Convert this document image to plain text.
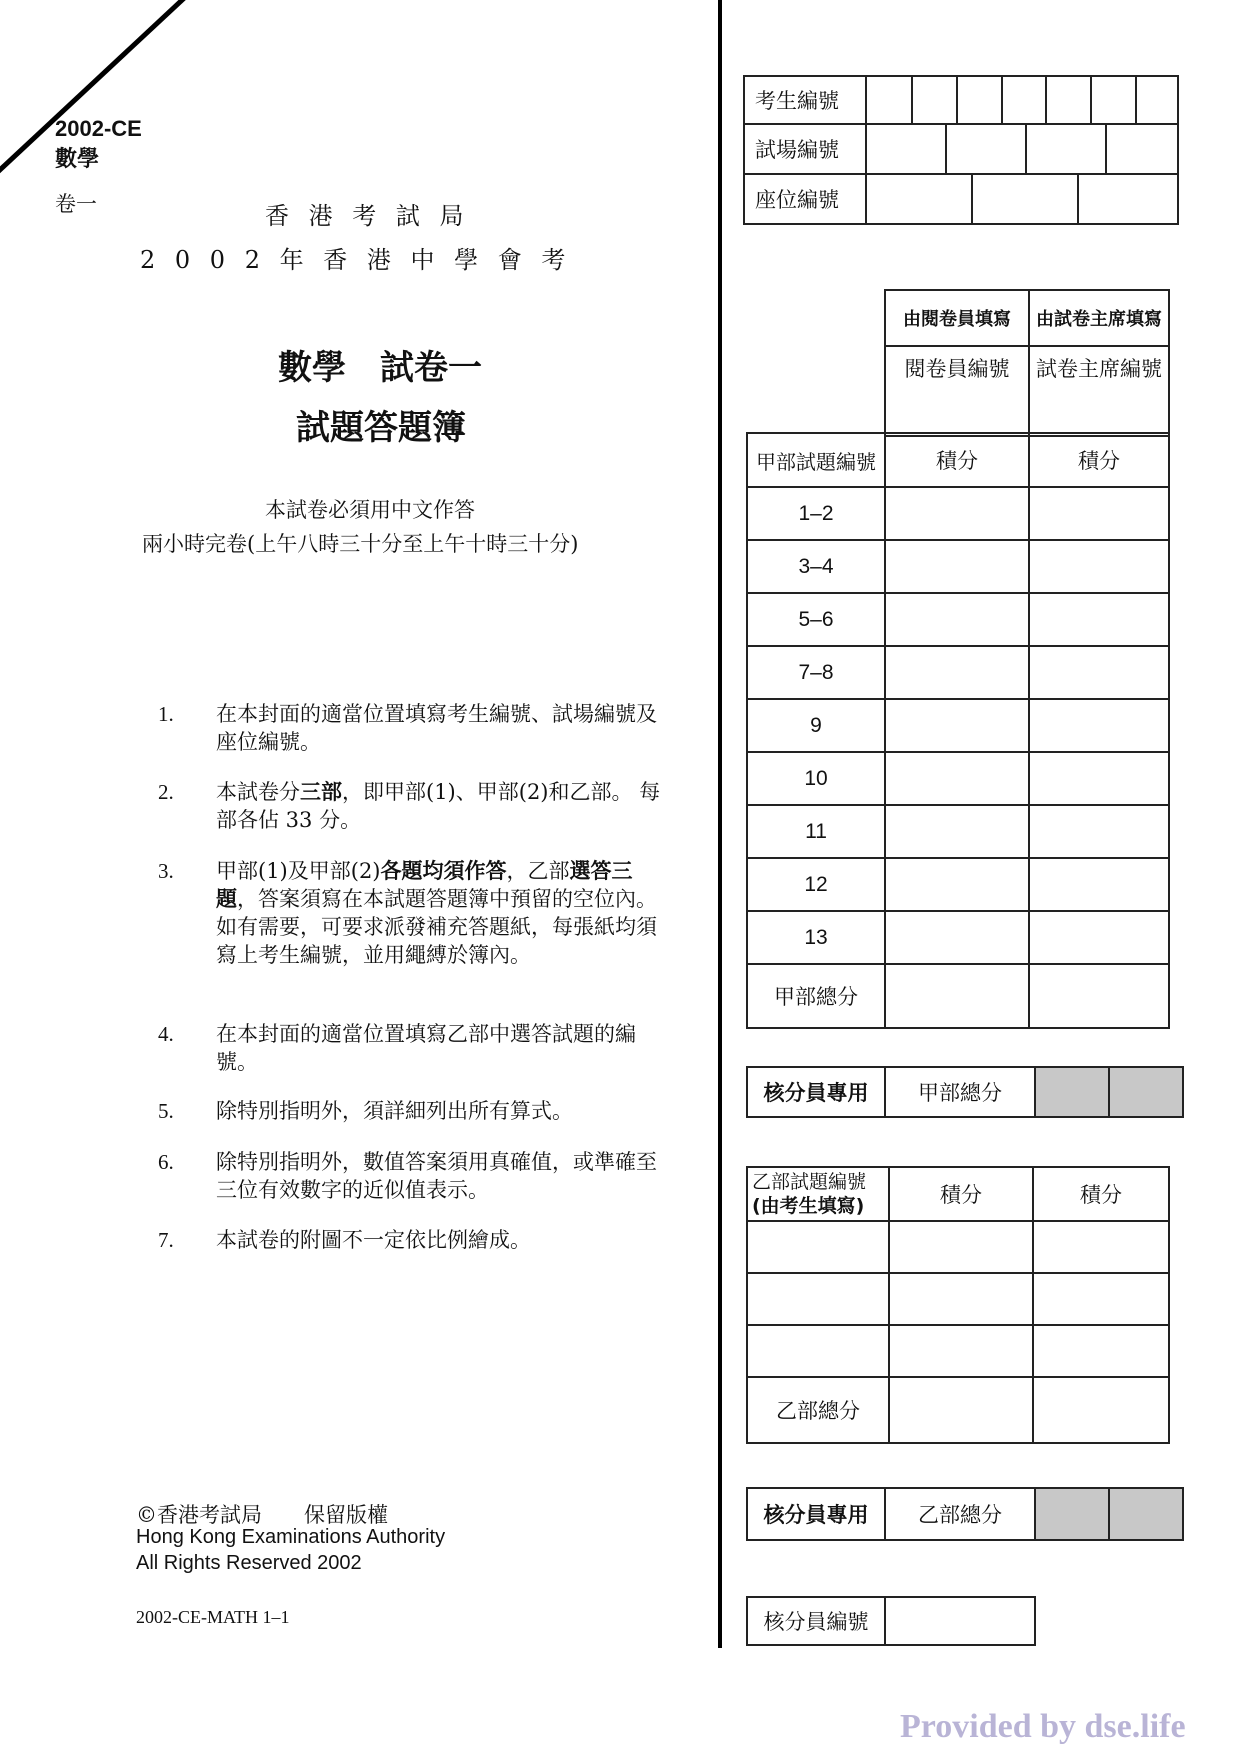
2002-CE
數學
卷一	香 港 考 試 局
2 0 0 2 年 香 港 中 學 會 考
數學　試卷一
試題答題簿
本試卷必須用中文作答
兩小時完卷(上午八時三十分至上午十時三十分)
1.	在本封面的適當位置填寫考生編號、試場編號及座位編號。
2.	本試卷分三部，即甲部(1)、甲部(2)和乙部。 每部各佔 33 分。
3.	甲部(1)及甲部(2)各題均須作答，乙部選答三題，答案須寫在本試題答題簿中預留的空位內。 如有需要，可要求派發補充答題紙，每張紙均須寫上考生編號，並用繩縛於簿內。
4.	在本封面的適當位置填寫乙部中選答試題的編號。
5.	除特別指明外，須詳細列出所有算式。
6.	除特別指明外，數值答案須用真確值，或準確至三位有效數字的近似值表示。
7.	本試卷的附圖不一定依比例繪成。
©香港考試局　　保留版權
Hong Kong Examinations Authority
All Rights Reserved 2002
2002-CE-MATH 1–1
考生編號	

試場編號	

座位編號	

由閱卷員填寫	由試卷主席填寫
閱卷員編號	試卷主席編號
甲部試題編號	積分	積分
1–2		
3–4		
5–6		
7–8		
9		
10		
11		
12		
13		
甲部總分		
核分員專用	甲部總分		
乙部試題編號
(由考生填寫)	積分	積分

乙部總分		
核分員專用	乙部總分		
核分員編號	
Provided by dse.life
